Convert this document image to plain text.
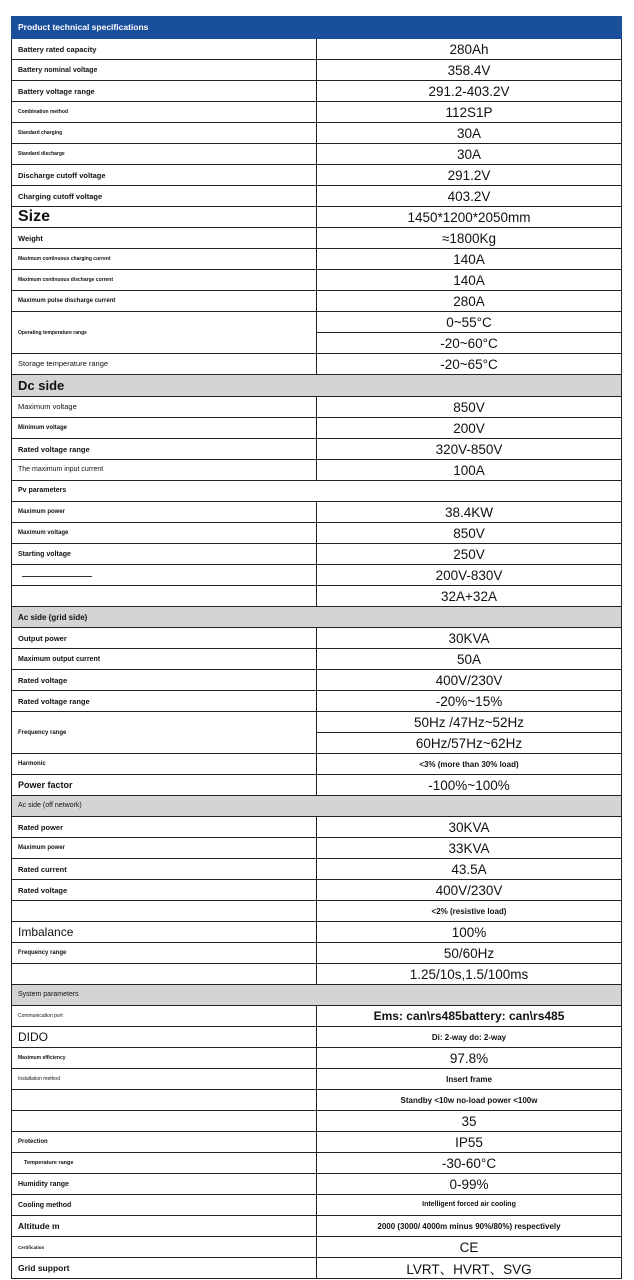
Product technical specifications	
Battery rated capacity	280Ah
Battery nominal voltage	358.4V
Battery voltage range	291.2-403.2V
Combination method	112S1P
Standard charging	30A
Standard discharge	30A
Discharge cutoff voltage	291.2V
Charging cutoff voltage	403.2V
Size	1450*1200*2050mm
Weight	≈1800Kg
Maximum continuous charging current	140A
Maximum continuous discharge current	140A
Maximum pulse discharge current	280A
Operating temperature range	0~55°C
	-20~60°C
Storage temperature range	-20~65°C
Dc side	
Maximum voltage	850V
Minimum voltage	200V
Rated voltage range	320V-850V
The maximum input current	100A
Pv parameters	
Maximum power	38.4KW
Maximum voltage	850V
Starting voltage	250V
	200V-830V
	32A+32A
Ac side (grid side)	
Output power	30KVA
Maximum output current	50A
Rated voltage	400V/230V
Rated voltage range	-20%~15%
Frequency range	50Hz /47Hz~52Hz
	60Hz/57Hz~62Hz
Harmonic	<3% (more than 30% load)
Power factor	-100%~100%
Ac side (off network)	
Rated power	30KVA
Maximum power	33KVA
Rated current	43.5A
Rated voltage	400V/230V
	<2% (resistive load)
Imbalance	100%
Frequency range	50/60Hz
	1.25/10s,1.5/100ms
System parameters	
Communication port	Ems: can\rs485battery: can\rs485
DIDO	Di: 2-way do: 2-way
Maximum efficiency	97.8%
Installation method	Insert frame
	Standby <10w no-load power <100w
	35
Protection	IP55
Temperature range	-30-60°C
Humidity range	0-99%
Cooling method	Intelligent forced air cooling
Altitude m	2000 (3000/ 4000m minus 90%/80%) respectively
Certification	CE
Grid support	LVRT、HVRT、SVG
